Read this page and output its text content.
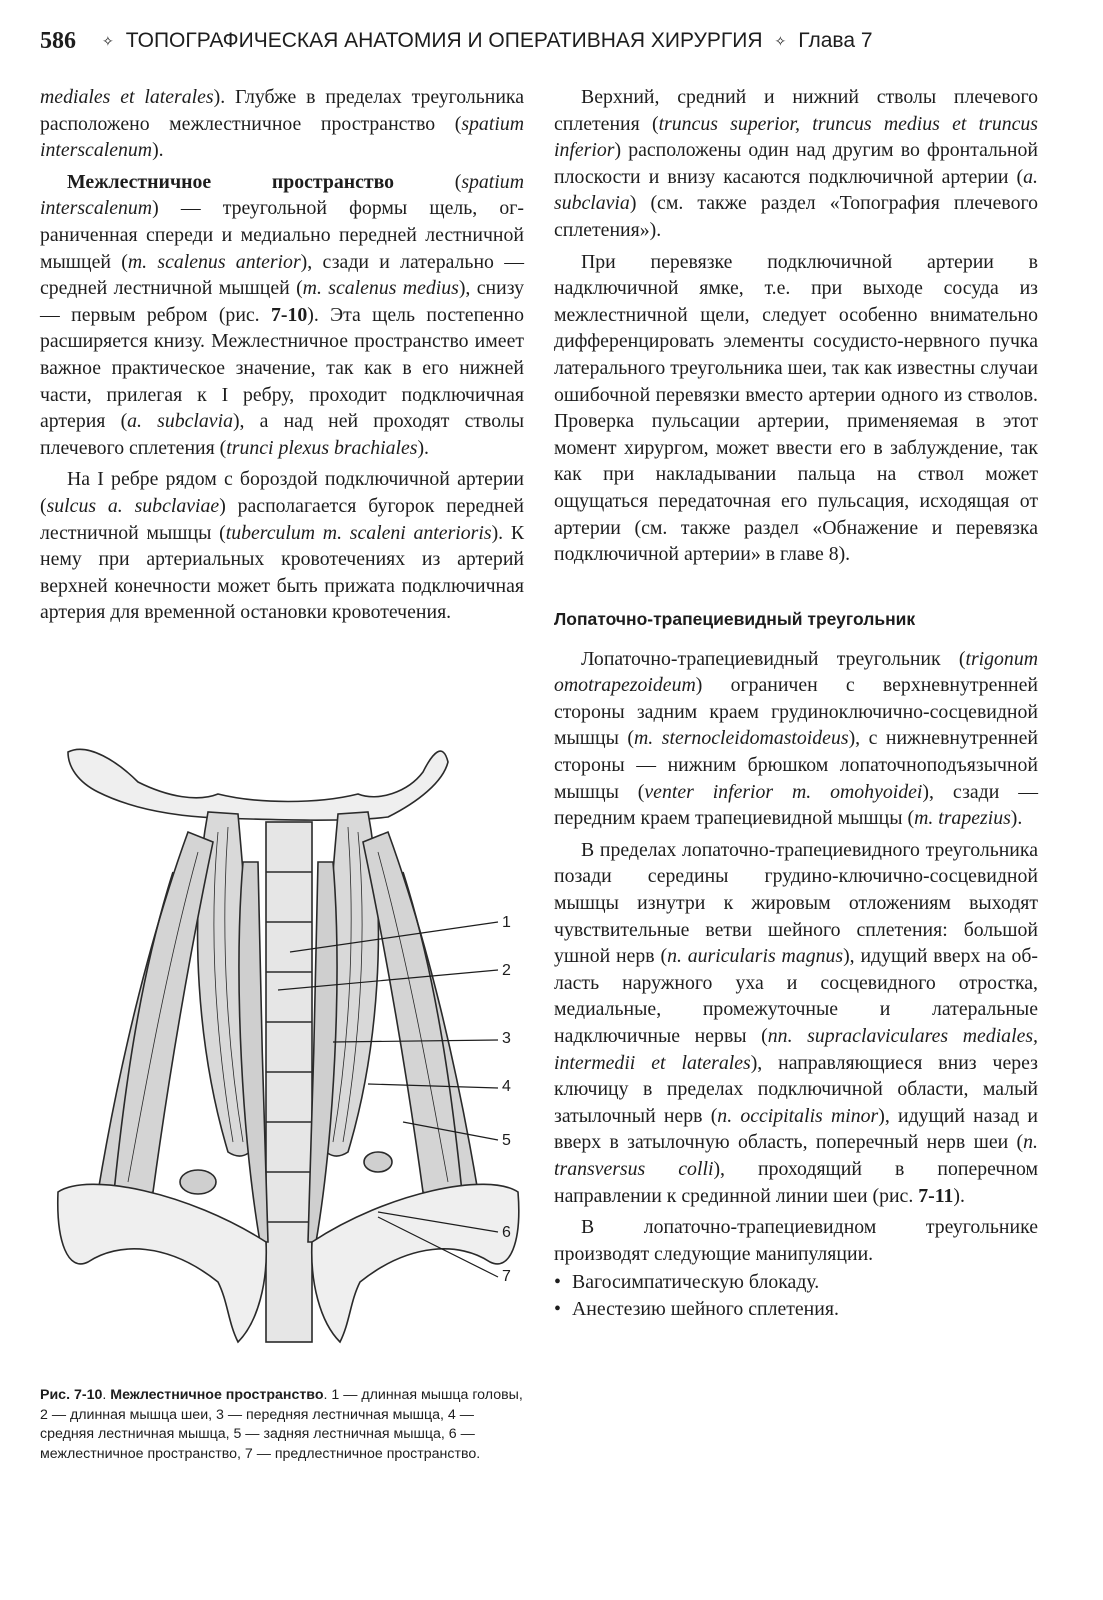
586 ✧ ТОПОГРАФИЧЕСКАЯ АНАТОМИЯ И ОПЕРАТИВНАЯ ХИРУРГИЯ ✧ Глава 7

mediales et laterales). Глубже в пределах треугольника расположено межлестничное пространство (spatium interscalenum).

Межлестничное пространство (spatium interscalenum) — треугольной формы щель, ограниченная спереди и медиально передней лестничной мышцей (m. scalenus anterior), сзади и латерально — средней лестничной мышцей (m. scalenus medius), снизу — первым ребром (рис. 7-10). Эта щель постепенно расширяется книзу. Межлестничное пространство имеет важное практическое значение, так как в его нижней части, прилегая к I ребру, проходит подключичная артерия (a. subclavia), а над ней проходят стволы плечевого сплетения (trunci plexus brachiales).

На I ребре рядом с бороздой подключичной артерии (sulcus a. subclaviae) располагается бугорок передней лестничной мышцы (tuberculum m. scaleni anterioris). К нему при артериальных кровотечениях из артерий верхней конечности может быть прижата подключичная артерия для временной остановки кровотечения.

Верхний, средний и нижний стволы плечевого сплетения (truncus superior, truncus medius et truncus inferior) расположены один над другим во фронтальной плоскости и внизу касаются подключичной артерии (a. subclavia) (см. также раздел «Топография плечевого сплетения»).

При перевязке подключичной артерии в надключичной ямке, т.е. при выходе сосуда из межлестничной щели, следует особенно внимательно дифференцировать элементы сосудисто-нервного пучка латерального треугольника шеи, так как известны случаи ошибочной перевязки вместо артерии одного из стволов. Проверка пульсации артерии, применяемая в этот момент хирургом, может ввести его в заблуждение, так как при накладывании пальца на ствол может ощущаться передаточная его пульсация, исходящая от артерии (см. также раздел «Обнажение и перевязка подключичной артерии» в главе 8).

Лопаточно-трапециевидный треугольник

Лопаточно-трапециевидный треугольник (trigonum omotrapezoideum) ограничен с верхневнутренней стороны задним краем грудиноключично-сосцевидной мышцы (m. sternocleidomastoideus), с нижневнутренней стороны — нижним брюшком лопаточноподъязычной мышцы (venter inferior m. omohyoidei), сзади — передним краем трапециевидной мышцы (m. trapezius).

В пределах лопаточно-трапециевидного треугольника позади середины грудино-ключично-сосцевидной мышцы изнутри к жировым отложениям выходят чувствительные ветви шейного сплетения: большой ушной нерв (n. auricularis magnus), идущий вверх на область наружного уха и сосцевидного отростка, медиальные, промежуточные и латеральные надключичные нервы (nn. supraclaviculares mediales, intermedii et laterales), направляющиеся вниз через ключицу в пределах подключичной области, малый затылочный нерв (n. occipitalis minor), идущий назад и вверх в затылочную область, поперечный нерв шеи (n. transversus colli), проходящий в поперечном направлении к срединной линии шеи (рис. 7-11).

В лопаточно-трапециевидном треугольнике производят следующие манипуляции.

• Вагосимпатическую блокаду.
• Анестезию шейного сплетения.
1
2
3
4
5
6
7
Рис. 7-10. Межлестничное пространство. 1 — длинная мышца головы, 2 — длинная мышца шеи, 3 — передняя лестничная мышца, 4 — средняя лестничная мышца, 5 — задняя лестничная мышца, 6 — межлестничное пространство, 7 — предлестничное пространство.
